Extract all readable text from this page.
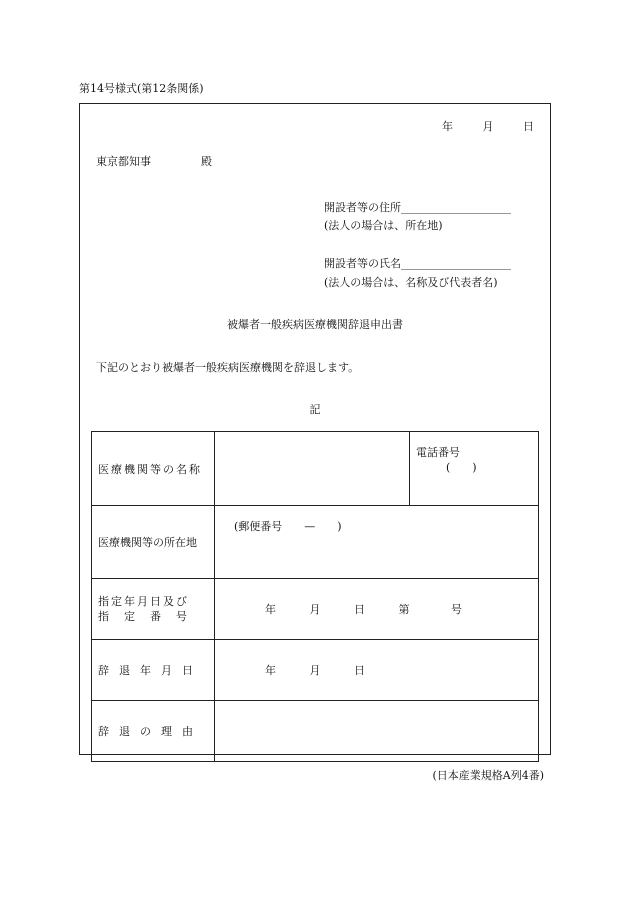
第14号様式(第12条関係)
年	月	日
東京都知事	殿
開設者等の住所____________________
(法人の場合は、所在地)
開設者等の氏名____________________
(法人の場合は、名称及び代表者名)
被爆者一般疾病医療機関辞退申出書
下記のとおり被爆者一般疾病医療機関を辞退します。
記
医療機関等の名称		電話番号
(　　)

医療機関等の所在地	(郵便番号　　—　　)	

指定年月日及び
指　定　番　号	年 月 日 第 号	

辞退年月日	年 月 日	

辞退の理由		
(日本産業規格A列4番)
